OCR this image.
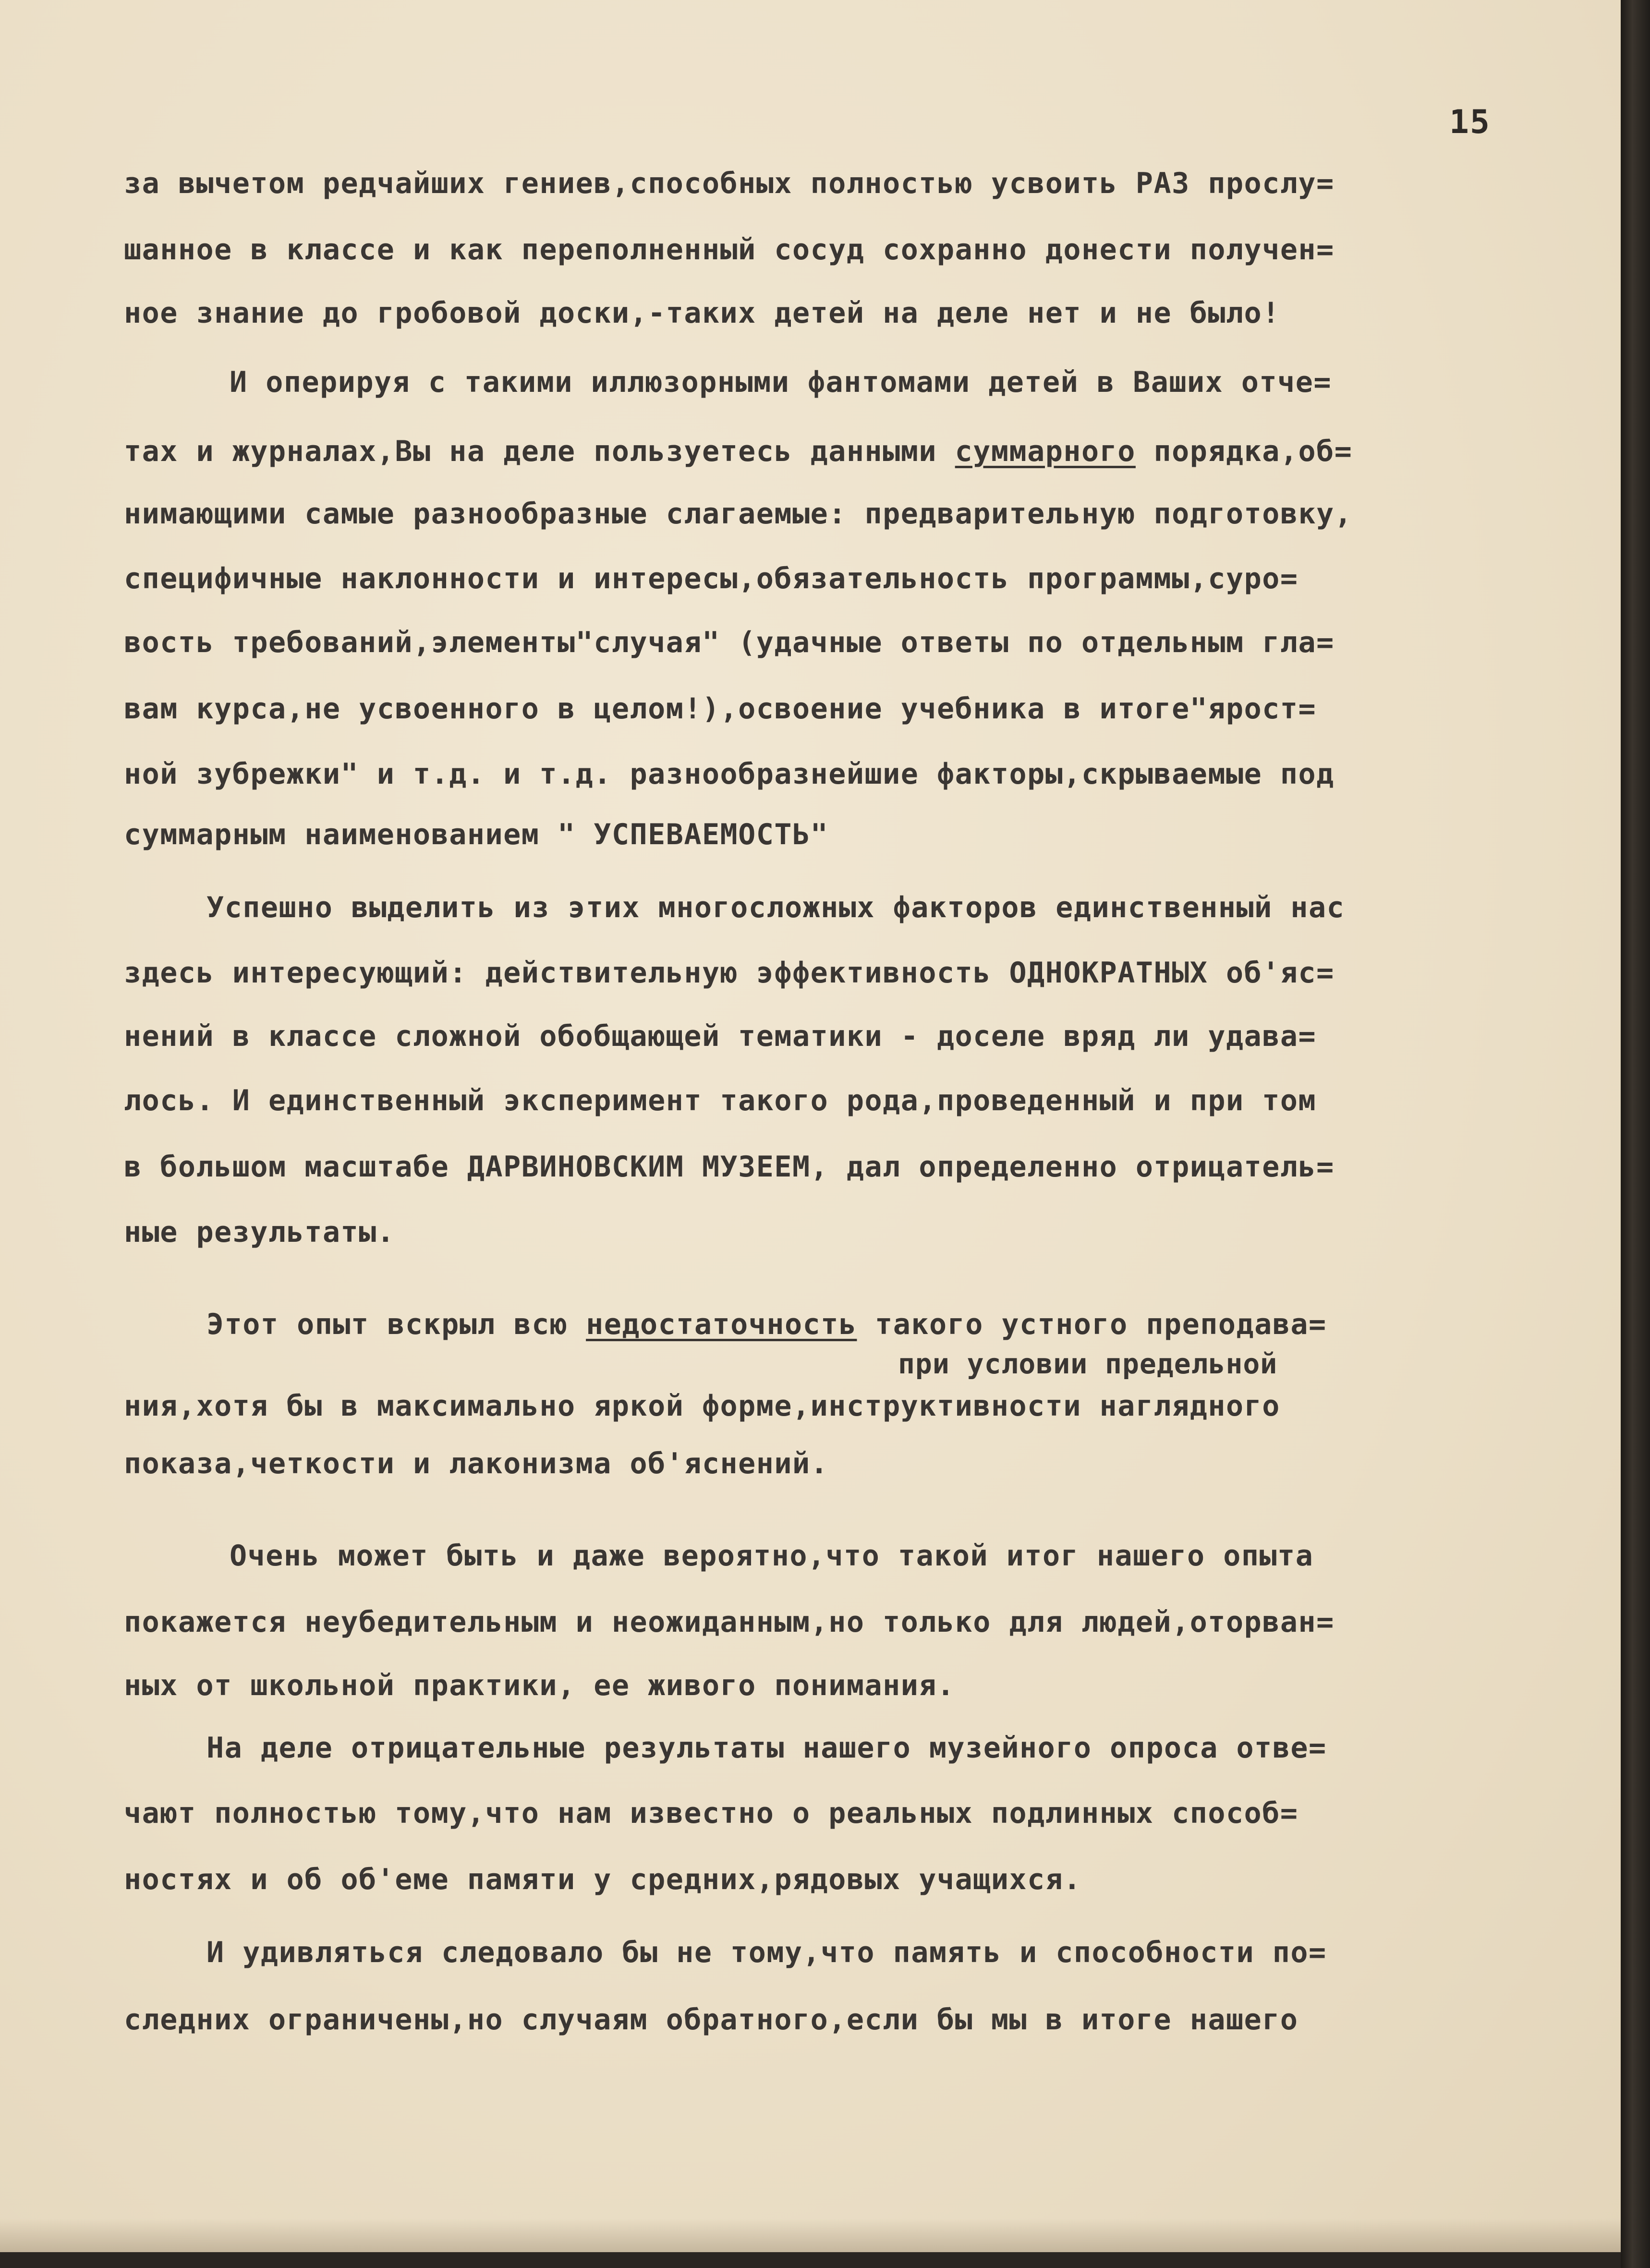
15

за вычетом редчайших гениев,способных полностью усвоить РАЗ прослу=

шанное в классе и как переполненный сосуд сохранно донести получен=

ное знание до гробовой доски,-таких детей на деле нет и не было!

И оперируя с такими иллюзорными фантомами детей в Ваших отче=

тах и журналах,Вы на деле пользуетесь данными суммарного порядка,об=

нимающими самые разнообразные слагаемые: предварительную подготовку,

специфичные наклонности и интересы,обязательность программы,суро=

вость требований,элементы"случая" (удачные ответы по отдельным гла=

вам курса,не усвоенного в целом!),освоение учебника в итоге"ярост=

ной зубрежки" и т.д. и т.д. разнообразнейшие факторы,скрываемые под

суммарным наименованием " УСПЕВАЕМОСТЬ"

Успешно выделить из этих многосложных факторов единственный нас

здесь интересующий: действительную эффективность ОДНОКРАТНЫХ об'яс=

нений в классе сложной обобщающей тематики - доселе вряд ли удава=

лось. И единственный эксперимент такого рода,проведенный и при том

в большом масштабе ДАРВИНОВСКИМ МУЗЕЕМ, дал определенно отрицатель=

ные результаты.

Этот опыт вскрыл всю недостаточность такого устного преподава=

при условии предельной

ния,хотя бы в максимально яркой форме,инструктивности наглядного

показа,четкости и лаконизма об'яснений.

Очень может быть и даже вероятно,что такой итог нашего опыта

покажется неубедительным и неожиданным,но только для людей,оторван=

ных от школьной практики, ее живого понимания.

На деле отрицательные результаты нашего музейного опроса отве=

чают полностью тому,что нам известно о реальных подлинных способ=

ностях и об об'еме памяти у средних,рядовых учащихся.

И удивляться следовало бы не тому,что память и способности по=

следних ограничены,но случаям обратного,если бы мы в итоге нашего
